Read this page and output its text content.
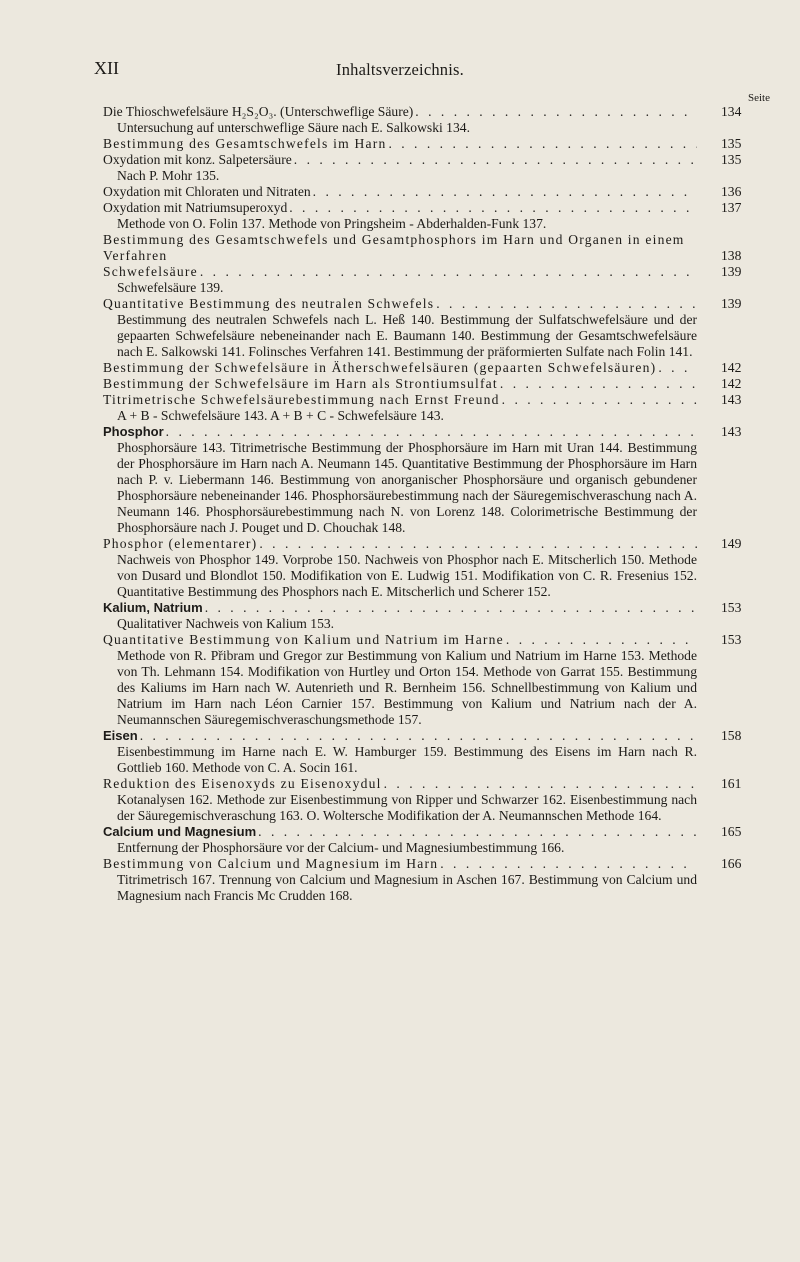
XII	Inhaltsverzeichnis.
Seite
Die Thioschwefelsäure H₂S₂O₃. (Unterschweflige Säure) . . .	134
Untersuchung auf unterschweflige Säure nach E. Salkowski 134.
Bestimmung des Gesamtschwefels im Harn . . .	135
Oxydation mit konz. Salpetersäure . . .	135
Nach P. Mohr 135.
Oxydation mit Chloraten und Nitraten . . .	136
Oxydation mit Natriumsuperoxyd . . .	137
Methode von O. Folin 137. Methode von Pringsheim - Abderhalden-Funk 137.
Bestimmung des Gesamtschwefels und Gesamtphosphors im Harn und Organen in einem Verfahren	138
Schwefelsäure . . .	139
Schwefelsäure 139.
Quantitative Bestimmung des neutralen Schwefels . . .	139
Bestimmung des neutralen Schwefels nach L. Heß 140. Bestimmung der Sulfatschwefelsäure und der gepaarten Schwefelsäure nebeneinander nach E. Baumann 140. Bestimmung der Gesamtschwefelsäure nach E. Salkowski 141. Folinsches Verfahren 141. Bestimmung der präformierten Sulfate nach Folin 141.
Bestimmung der Schwefelsäure in Ätherschwefelsäuren (gepaarten Schwefelsäuren) . . .	142
Bestimmung der Schwefelsäure im Harn als Strontiumsulfat . . .	142
Titrimetrische Schwefelsäurebestimmung nach Ernst Freund . . .	143
A + B - Schwefelsäure 143. A + B + C - Schwefelsäure 143.
Phosphor . . .	143
Phosphorsäure 143. Titrimetrische Bestimmung der Phosphorsäure im Harn mit Uran 144. Bestimmung der Phosphorsäure im Harn nach A. Neumann 145. Quantitative Bestimmung der Phosphorsäure im Harn nach P. v. Liebermann 146. Bestimmung von anorganischer Phosphorsäure und organisch gebundener Phosphorsäure nebeneinander 146. Phosphorsäurebestimmung nach der Säuregemischveraschung nach A. Neumann 146. Phosphorsäurebestimmung nach N. von Lorenz 148. Colorimetrische Bestimmung der Phosphorsäure nach J. Pouget und D. Chouchak 148.
Phosphor (elementarer) . . .	149
Nachweis von Phosphor 149. Vorprobe 150. Nachweis von Phosphor nach E. Mitscherlich 150. Methode von Dusard und Blondlot 150. Modifikation von E. Ludwig 151. Modifikation von C. R. Fresenius 152. Quantitative Bestimmung des Phosphors nach E. Mitscherlich und Scherer 152.
Kalium, Natrium . . .	153
Qualitativer Nachweis von Kalium 153.
Quantitative Bestimmung von Kalium und Natrium im Harne . . .	153
Methode von R. Přibram und Gregor zur Bestimmung von Kalium und Natrium im Harne 153. Methode von Th. Lehmann 154. Modifikation von Hurtley und Orton 154. Methode von Garrat 155. Bestimmung des Kaliums im Harn nach W. Autenrieth und R. Bernheim 156. Schnellbestimmung von Kalium und Natrium im Harn nach Léon Carnier 157. Bestimmung von Kalium und Natrium nach der A. Neumannschen Säuregemischveraschungsmethode 157.
Eisen . . .	158
Eisenbestimmung im Harne nach E. W. Hamburger 159. Bestimmung des Eisens im Harn nach R. Gottlieb 160. Methode von C. A. Socin 161.
Reduktion des Eisenoxyds zu Eisenoxydul . . .	161
Kotanalysen 162. Methode zur Eisenbestimmung von Ripper und Schwarzer 162. Eisenbestimmung nach der Säuregemischveraschung 163. O. Woltersche Modifikation der A. Neumannschen Methode 164.
Calcium und Magnesium . . .	165
Entfernung der Phosphorsäure vor der Calcium- und Magnesiumbestimmung 166.
Bestimmung von Calcium und Magnesium im Harn . . .	166
Titrimetrisch 167. Trennung von Calcium und Magnesium in Aschen 167. Bestimmung von Calcium und Magnesium nach Francis Mc Crudden 168.
